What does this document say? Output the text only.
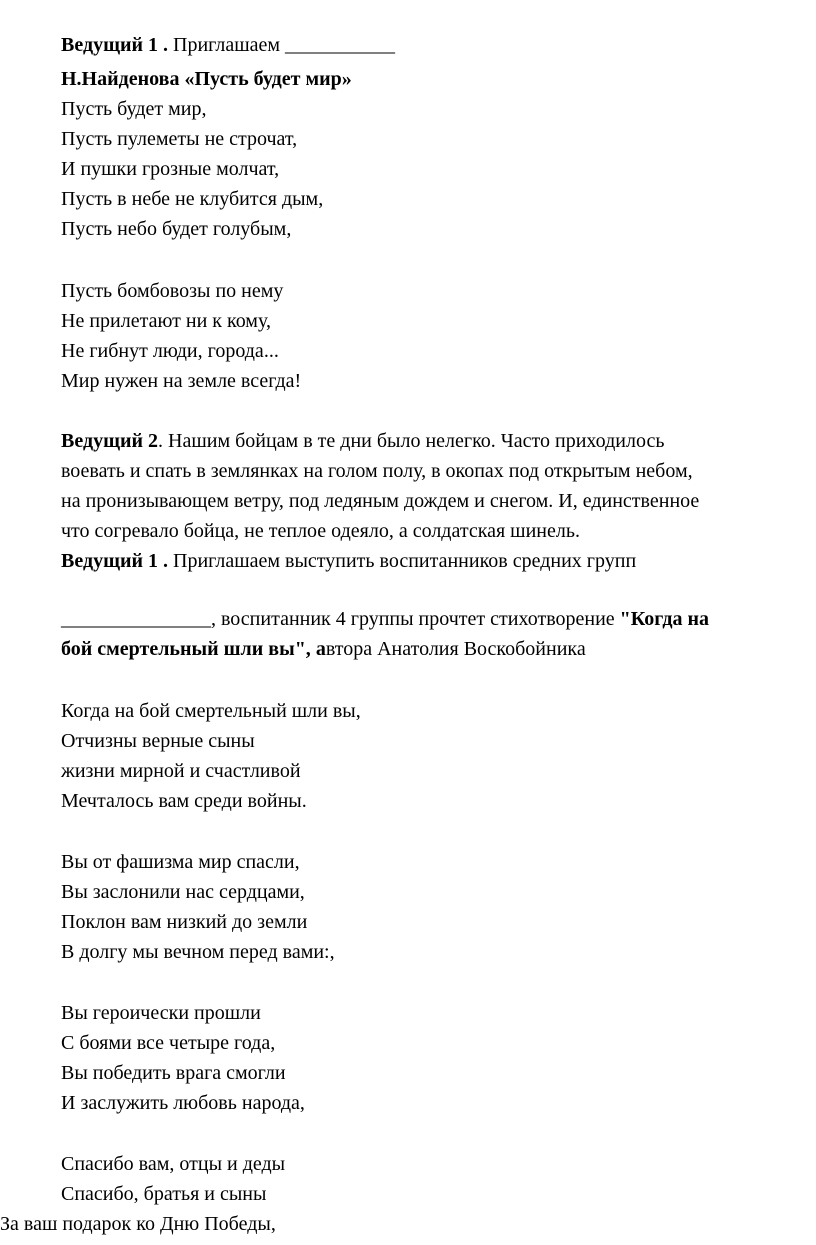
Ведущий 1 . Приглашаем ___________
Н.Найденова «Пусть будет мир»
Пусть будет мир,
Пусть пулеметы не строчат,
И пушки грозные молчат,
Пусть в небе не клубится дым,
Пусть небо будет голубым,
Пусть бомбовозы по нему
Не прилетают ни к кому,
Не гибнут люди, города...
Мир нужен на земле всегда!
Ведущий 2. Нашим бойцам в те дни было нелегко. Часто приходилось
воевать и спать в землянках на голом полу, в окопах под открытым небом,
на пронизывающем ветру, под ледяным дождем и снегом. И, единственное
что согревало бойца, не теплое одеяло, а солдатская шинель.
Ведущий 1 . Приглашаем выступить воспитанников средних групп
_______________, воспитанник 4 группы прочтет стихотворение "Когда на
бой смертельный шли вы", автора Анатолия Воскобойника
Когда на бой смертельный шли вы,
Отчизны верные сыны
жизни мирной и счастливой
Мечталось вам среди войны.
Вы от фашизма мир спасли,
Вы заслонили нас сердцами,
Поклон вам низкий до земли
В долгу мы вечном перед вами:,
Вы героически прошли
С боями все четыре года,
Вы победить врага смогли
И заслужить любовь народа,
Спасибо вам, отцы и деды
Спасибо, братья и сыны
За ваш подарок ко Дню Победы,
